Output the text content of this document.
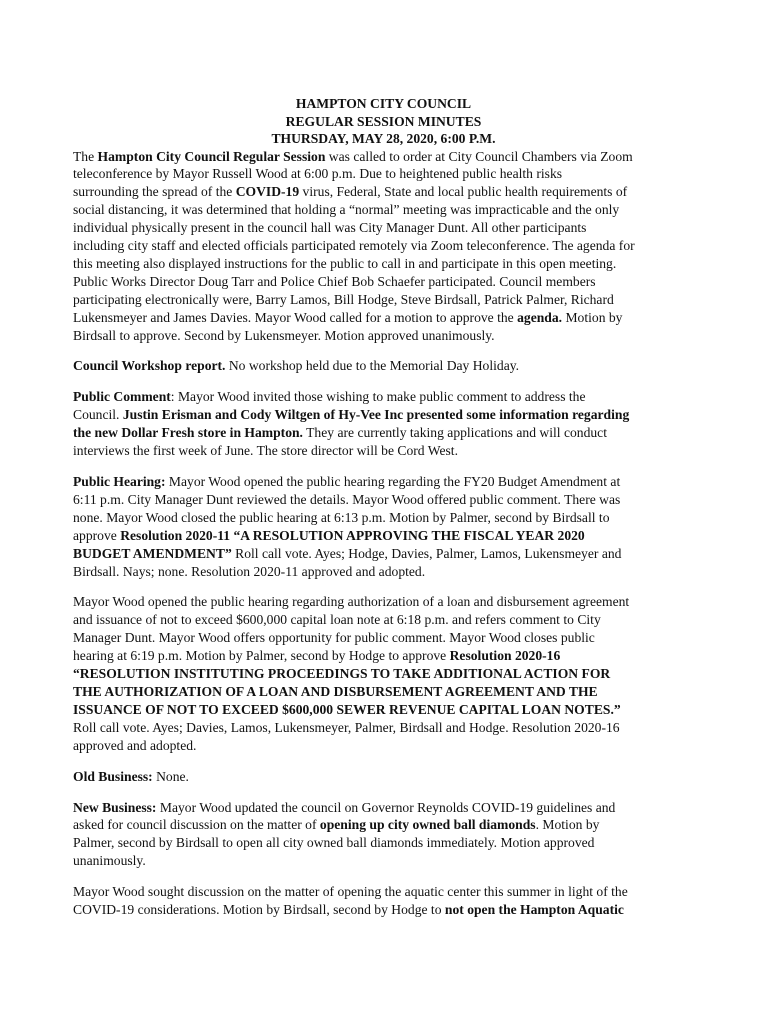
HAMPTON CITY COUNCIL
REGULAR SESSION MINUTES
THURSDAY, MAY 28, 2020, 6:00 P.M.

The Hampton City Council Regular Session was called to order at City Council Chambers via Zoom
teleconference by Mayor Russell Wood at 6:00 p.m. Due to heightened public health risks
surrounding the spread of the COVID-19 virus, Federal, State and local public health requirements of
social distancing, it was determined that holding a “normal” meeting was impracticable and the only
individual physically present in the council hall was City Manager Dunt. All other participants
including city staff and elected officials participated remotely via Zoom teleconference. The agenda for
this meeting also displayed instructions for the public to call in and participate in this open meeting.
Public Works Director Doug Tarr and Police Chief Bob Schaefer participated. Council members
participating electronically were, Barry Lamos, Bill Hodge, Steve Birdsall, Patrick Palmer, Richard
Lukensmeyer and James Davies. Mayor Wood called for a motion to approve the agenda. Motion by
Birdsall to approve. Second by Lukensmeyer. Motion approved unanimously.

Council Workshop report. No workshop held due to the Memorial Day Holiday.

Public Comment: Mayor Wood invited those wishing to make public comment to address the
Council. Justin Erisman and Cody Wiltgen of Hy-Vee Inc presented some information regarding
the new Dollar Fresh store in Hampton. They are currently taking applications and will conduct
interviews the first week of June. The store director will be Cord West.

Public Hearing: Mayor Wood opened the public hearing regarding the FY20 Budget Amendment at
6:11 p.m. City Manager Dunt reviewed the details. Mayor Wood offered public comment. There was
none. Mayor Wood closed the public hearing at 6:13 p.m. Motion by Palmer, second by Birdsall to
approve Resolution 2020-11 “A RESOLUTION APPROVING THE FISCAL YEAR 2020
BUDGET AMENDMENT” Roll call vote. Ayes; Hodge, Davies, Palmer, Lamos, Lukensmeyer and
Birdsall. Nays; none. Resolution 2020-11 approved and adopted.

Mayor Wood opened the public hearing regarding authorization of a loan and disbursement agreement
and issuance of not to exceed $600,000 capital loan note at 6:18 p.m. and refers comment to City
Manager Dunt. Mayor Wood offers opportunity for public comment. Mayor Wood closes public
hearing at 6:19 p.m. Motion by Palmer, second by Hodge to approve Resolution 2020-16
“RESOLUTION INSTITUTING PROCEEDINGS TO TAKE ADDITIONAL ACTION FOR
THE AUTHORIZATION OF A LOAN AND DISBURSEMENT AGREEMENT AND THE
ISSUANCE OF NOT TO EXCEED $600,000 SEWER REVENUE CAPITAL LOAN NOTES.”
Roll call vote. Ayes; Davies, Lamos, Lukensmeyer, Palmer, Birdsall and Hodge. Resolution 2020-16
approved and adopted.

Old Business: None.

New Business: Mayor Wood updated the council on Governor Reynolds COVID-19 guidelines and
asked for council discussion on the matter of opening up city owned ball diamonds. Motion by
Palmer, second by Birdsall to open all city owned ball diamonds immediately. Motion approved
unanimously.

Mayor Wood sought discussion on the matter of opening the aquatic center this summer in light of the
COVID-19 considerations. Motion by Birdsall, second by Hodge to not open the Hampton Aquatic
